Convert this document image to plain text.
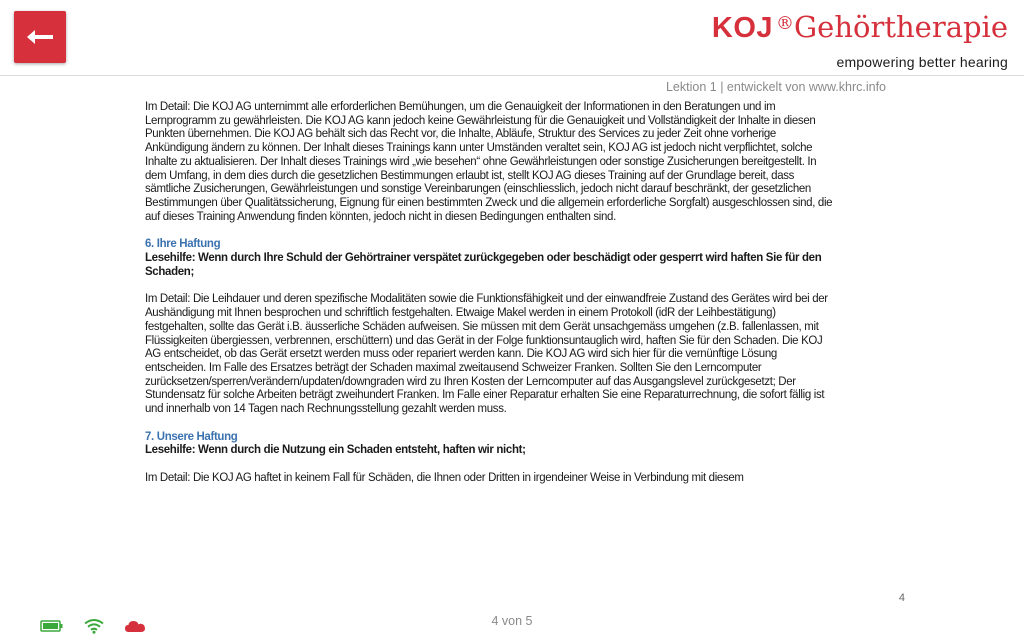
KOJ ®Gehörtherapie
empowering better hearing
Lektion 1 | entwickelt von www.khrc.info

Im Detail: Die KOJ AG unternimmt alle erforderlichen Bemühungen, um die Genauigkeit der Informationen in den Beratungen und im Lernprogramm zu gewährleisten. Die KOJ AG kann jedoch keine Gewährleistung für die Genauigkeit und Vollständigkeit der Inhalte in diesen Punkten übernehmen. Die KOJ AG behält sich das Recht vor, die Inhalte, Abläufe, Struktur des Services zu jeder Zeit ohne vorherige Ankündigung ändern zu können. Der Inhalt dieses Trainings kann unter Umständen veraltet sein, KOJ AG ist jedoch nicht verpflichtet, solche Inhalte zu aktualisieren. Der Inhalt dieses Trainings wird „wie besehen“ ohne Gewährleistungen oder sonstige Zusicherungen bereitgestellt. In dem Umfang, in dem dies durch die gesetzlichen Bestimmungen erlaubt ist, stellt KOJ AG dieses Training auf der Grundlage bereit, dass sämtliche Zusicherungen, Gewährleistungen und sonstige Vereinbarungen (einschliesslich, jedoch nicht darauf beschränkt, der gesetzlichen Bestimmungen über Qualitätssicherung, Eignung für einen bestimmten Zweck und die allgemein erforderliche Sorgfalt) ausgeschlossen sind, die auf dieses Training Anwendung finden könnten, jedoch nicht in diesen Bedingungen enthalten sind.

6. Ihre Haftung
Lesehilfe: Wenn durch Ihre Schuld der Gehörtrainer verspätet zurückgegeben oder beschädigt oder gesperrt wird haften Sie für den Schaden;

Im Detail: Die Leihdauer und deren spezifische Modalitäten sowie die Funktionsfähigkeit und der einwandfreie Zustand des Gerätes wird bei der Aushändigung mit Ihnen besprochen und schriftlich festgehalten. Etwaige Makel werden in einem Protokoll (idR der Leihbestätigung) festgehalten, sollte das Gerät i.B. äusserliche Schäden aufweisen. Sie müssen mit dem Gerät unsachgemäss umgehen (z.B. fallenlassen, mit Flüssigkeiten übergiessen, verbrennen, erschüttern) und das Gerät in der Folge funktionsuntauglich wird, haften Sie für den Schaden. Die KOJ AG entscheidet, ob das Gerät ersetzt werden muss oder repariert werden kann. Die KOJ AG wird sich hier für die vernünftige Lösung entscheiden. Im Falle des Ersatzes beträgt der Schaden maximal zweitausend Schweizer Franken. Sollten Sie den Lerncomputer zurücksetzen/sperren/verändern/updaten/downgraden wird zu Ihren Kosten der Lerncomputer auf das Ausgangslevel zurückgesetzt; Der Stundensatz für solche Arbeiten beträgt zweihundert Franken. Im Falle einer Reparatur erhalten Sie eine Reparaturrechnung, die sofort fällig ist und innerhalb von 14 Tagen nach Rechnungsstellung gezahlt werden muss.

7. Unsere Haftung
Lesehilfe: Wenn durch die Nutzung ein Schaden entsteht, haften wir nicht;

Im Detail: Die KOJ AG haftet in keinem Fall für Schäden, die Ihnen oder Dritten in irgendeiner Weise in Verbindung mit diesem

4
4 von 5
